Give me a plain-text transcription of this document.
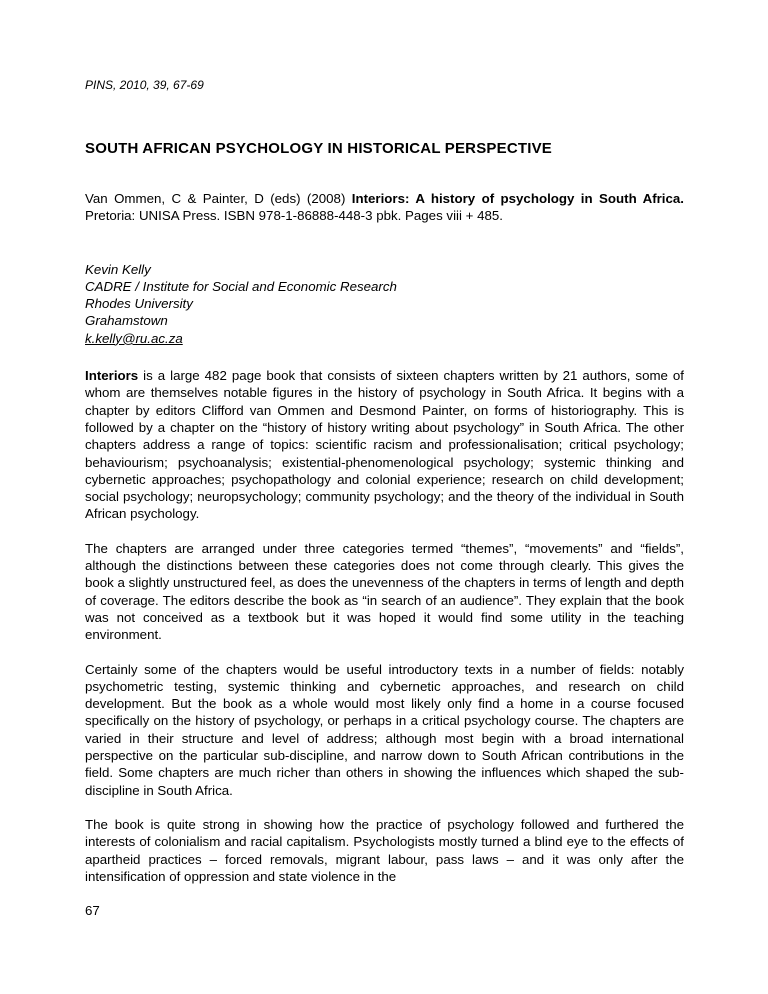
PINS, 2010, 39, 67-69
SOUTH AFRICAN PSYCHOLOGY IN HISTORICAL PERSPECTIVE

Van Ommen, C & Painter, D (eds) (2008) Interiors: A history of psychology in South Africa. Pretoria: UNISA Press. ISBN 978-1-86888-448-3 pbk. Pages viii + 485.

Kevin Kelly
CADRE / Institute for Social and Economic Research
Rhodes University
Grahamstown
k.kelly@ru.ac.za

Interiors is a large 482 page book that consists of sixteen chapters written by 21 authors, some of whom are themselves notable figures in the history of psychology in South Africa. It begins with a chapter by editors Clifford van Ommen and Desmond Painter, on forms of historiography. This is followed by a chapter on the “history of history writing about psychology” in South Africa. The other chapters address a range of topics: scientific racism and professionalisation; critical psychology; behaviourism; psychoanalysis; existential-phenomenological psychology; systemic thinking and cybernetic approaches; psychopathology and colonial experience; research on child development; social psychology; neuropsychology; community psychology; and the theory of the individual in South African psychology.

The chapters are arranged under three categories termed “themes”, “movements” and “fields”, although the distinctions between these categories does not come through clearly. This gives the book a slightly unstructured feel, as does the unevenness of the chapters in terms of length and depth of coverage. The editors describe the book as “in search of an audience”. They explain that the book was not conceived as a textbook but it was hoped it would find some utility in the teaching environment.

Certainly some of the chapters would be useful introductory texts in a number of fields: notably psychometric testing, systemic thinking and cybernetic approaches, and research on child development. But the book as a whole would most likely only find a home in a course focused specifically on the history of psychology, or perhaps in a critical psychology course. The chapters are varied in their structure and level of address; although most begin with a broad international perspective on the particular sub-discipline, and narrow down to South African contributions in the field. Some chapters are much richer than others in showing the influences which shaped the sub-discipline in South Africa.

The book is quite strong in showing how the practice of psychology followed and furthered the interests of colonialism and racial capitalism. Psychologists mostly turned a blind eye to the effects of apartheid practices – forced removals, migrant labour, pass laws – and it was only after the intensification of oppression and state violence in the

67
